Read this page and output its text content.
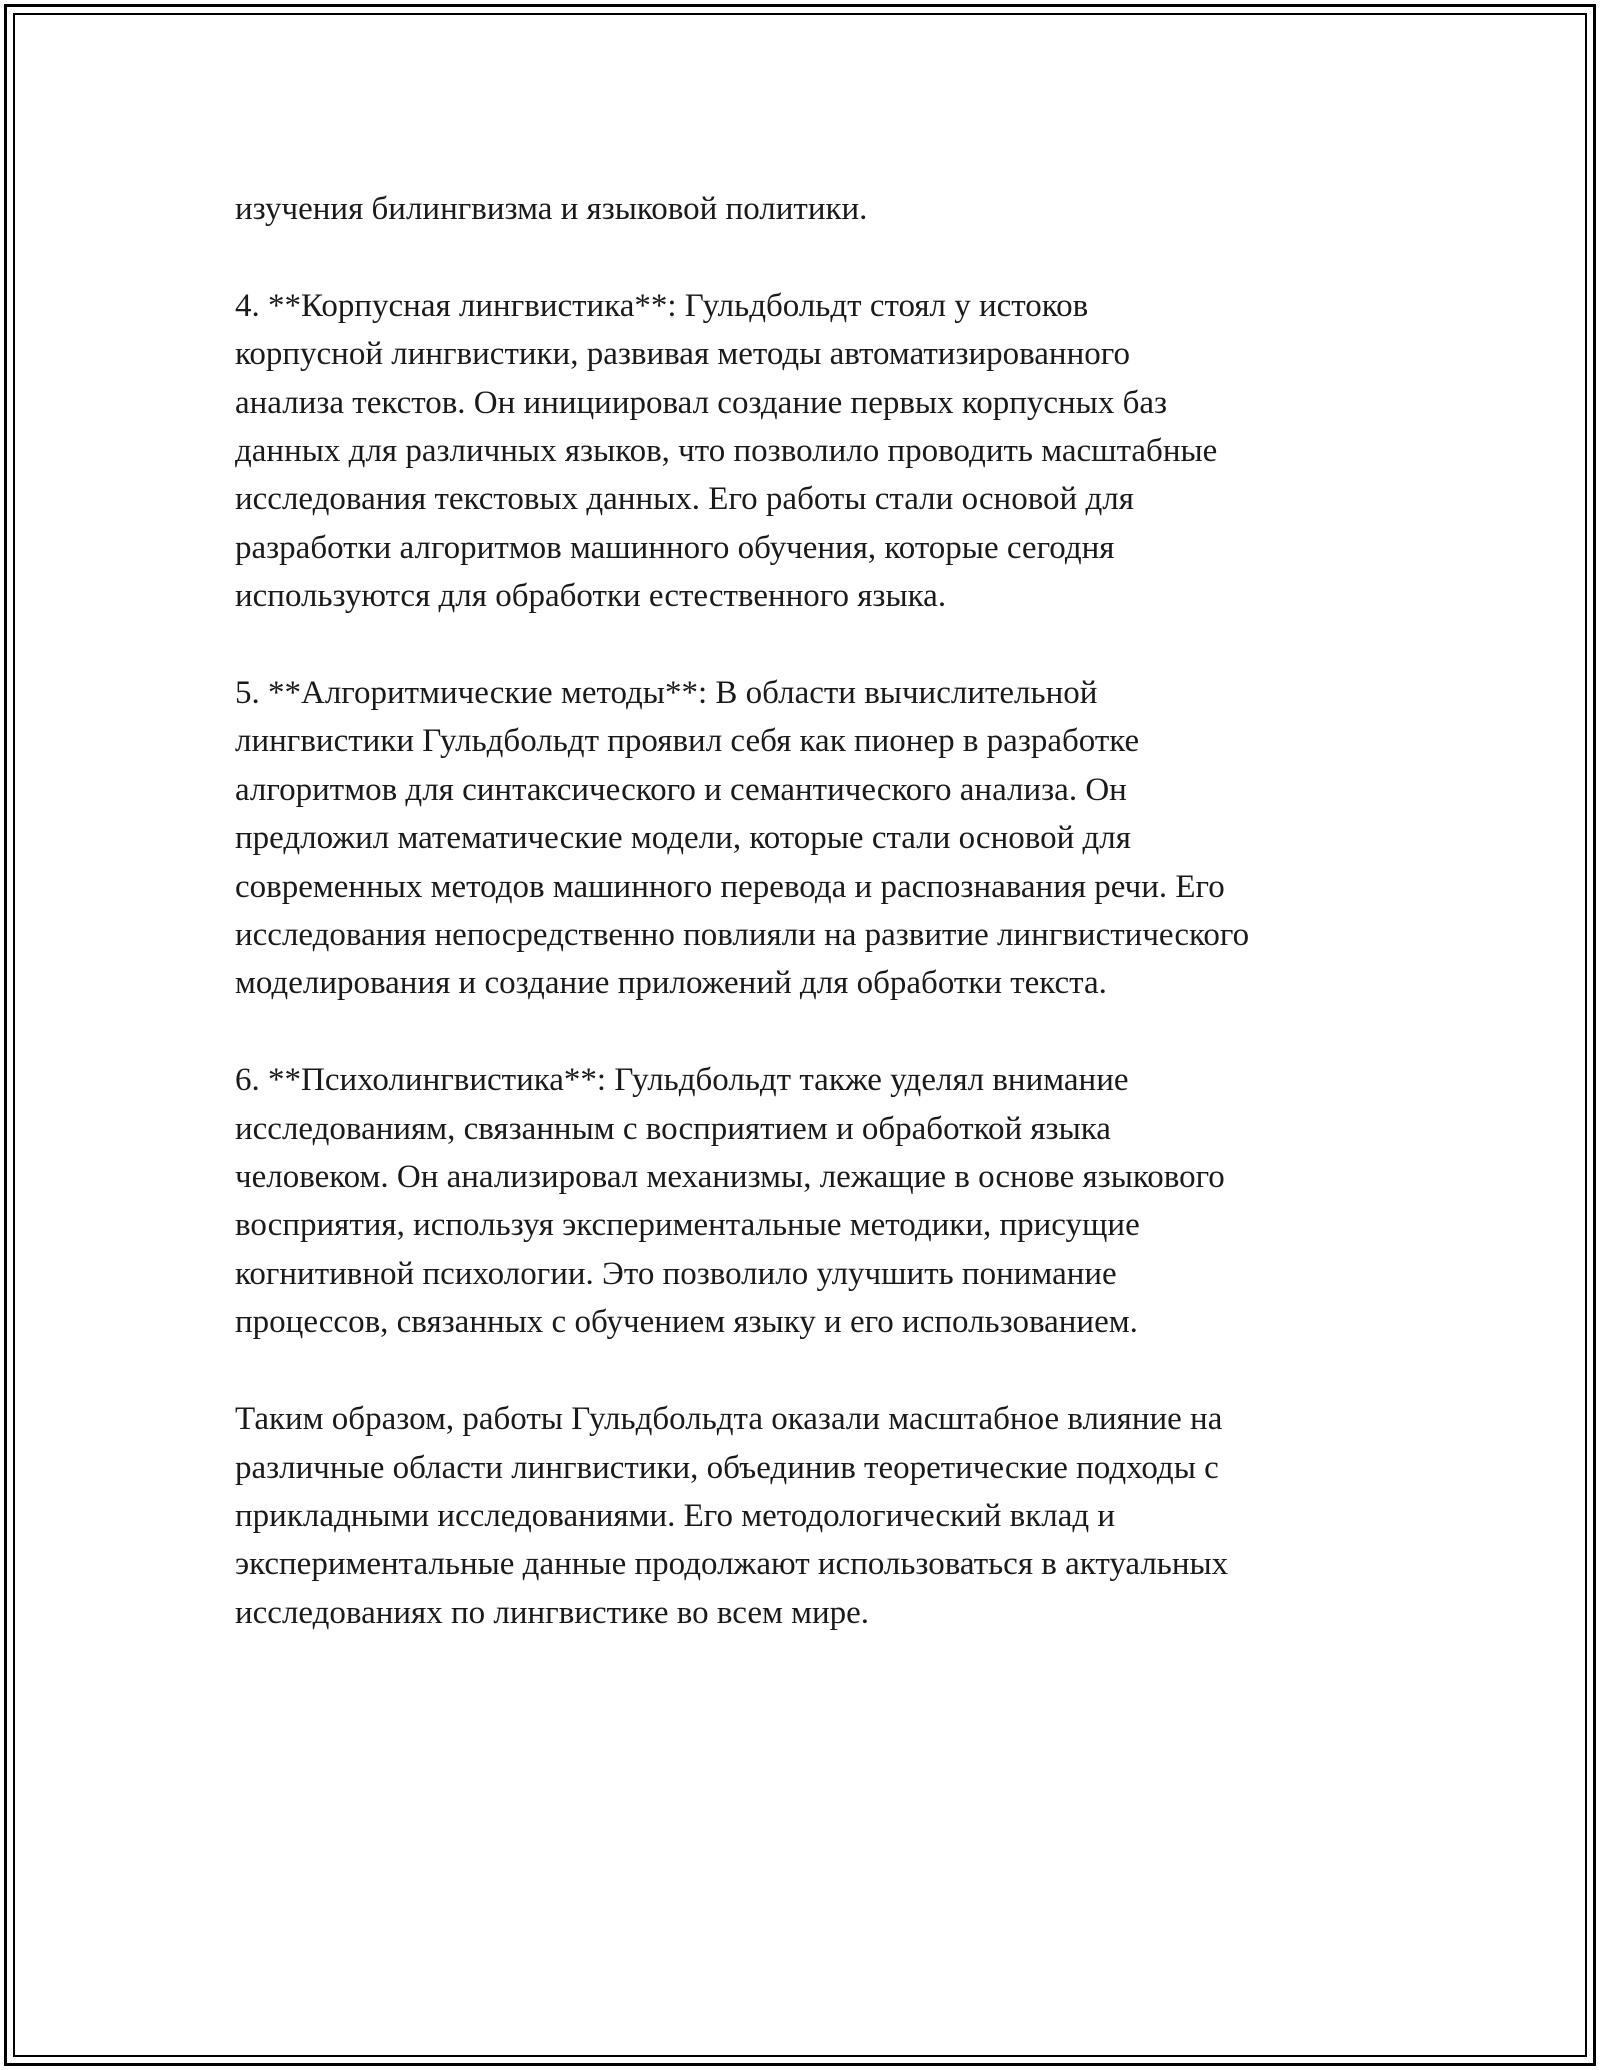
изучения билингвизма и языковой политики.

4. **Корпусная лингвистика**: Гульдбольдт стоял у истоков
корпусной лингвистики, развивая методы автоматизированного
анализа текстов. Он инициировал создание первых корпусных баз
данных для различных языков, что позволило проводить масштабные
исследования текстовых данных. Его работы стали основой для
разработки алгоритмов машинного обучения, которые сегодня
используются для обработки естественного языка.

5. **Алгоритмические методы**: В области вычислительной
лингвистики Гульдбольдт проявил себя как пионер в разработке
алгоритмов для синтаксического и семантического анализа. Он
предложил математические модели, которые стали основой для
современных методов машинного перевода и распознавания речи. Его
исследования непосредственно повлияли на развитие лингвистического
моделирования и создание приложений для обработки текста.

6. **Психолингвистика**: Гульдбольдт также уделял внимание
исследованиям, связанным с восприятием и обработкой языка
человеком. Он анализировал механизмы, лежащие в основе языкового
восприятия, используя экспериментальные методики, присущие
когнитивной психологии. Это позволило улучшить понимание
процессов, связанных с обучением языку и его использованием.

Таким образом, работы Гульдбольдта оказали масштабное влияние на
различные области лингвистики, объединив теоретические подходы с
прикладными исследованиями. Его методологический вклад и
экспериментальные данные продолжают использоваться в актуальных
исследованиях по лингвистике во всем мире.
